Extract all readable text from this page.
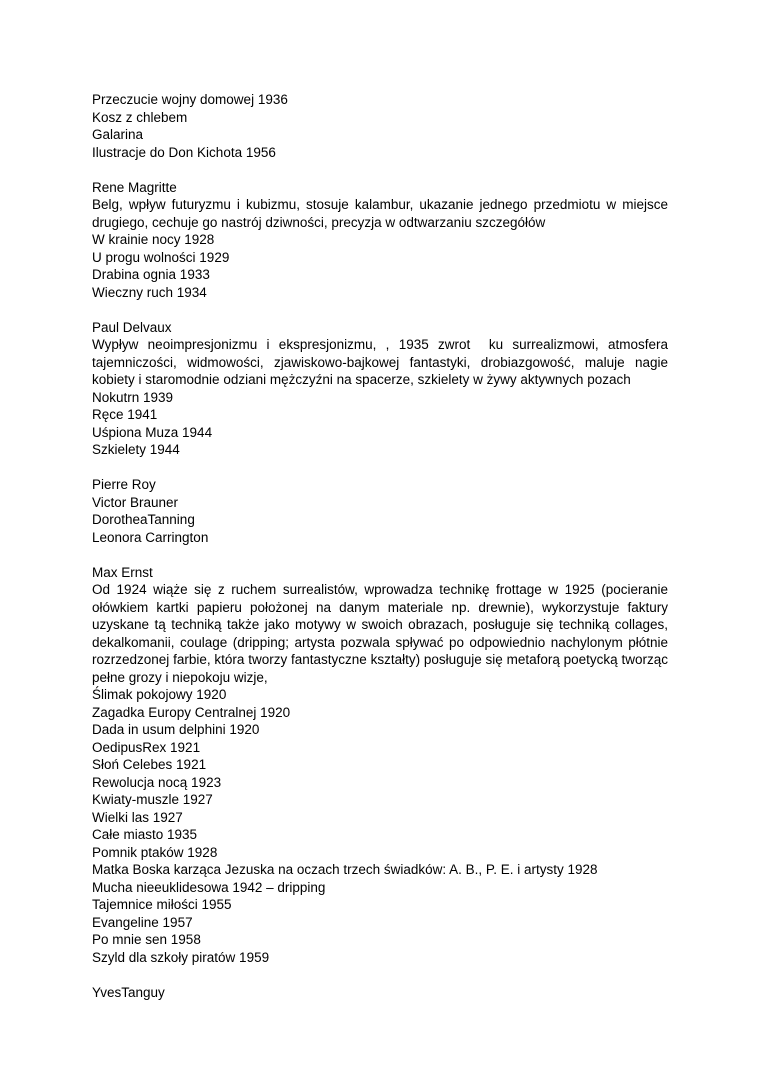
Przeczucie wojny domowej 1936
Kosz z chlebem
Galarina
Ilustracje do Don Kichota 1956
Rene Magritte

Belg, wpływ futuryzmu i kubizmu, stosuje kalambur, ukazanie jednego przedmiotu w miejsce drugiego, cechuje go nastrój dziwności, precyzja w odtwarzaniu szczegółów

W krainie nocy 1928
U progu wolności 1929
Drabina ognia 1933
Wieczny ruch 1934
Paul Delvaux

Wypływ neoimpresjonizmu i ekspresjonizmu, , 1935 zwrot  ku surrealizmowi, atmosfera tajemniczości, widmowości, zjawiskowo-bajkowej fantastyki, drobiazgowość, maluje nagie kobiety i staromodnie odziani mężczyźni na spacerze, szkielety w żywy aktywnych pozach

Nokutrn 1939
Ręce 1941
Uśpiona Muza 1944
Szkielety 1944
Pierre Roy
Victor Brauner
DorotheaTanning
Leonora Carrington
Max Ernst

Od 1924 wiąże się z ruchem surrealistów, wprowadza technikę frottage w 1925 (pocieranie ołówkiem kartki papieru położonej na danym materiale np. drewnie), wykorzystuje faktury uzyskane tą techniką także jako motywy w swoich obrazach, posługuje się techniką collages, dekalkomanii, coulage (dripping; artysta pozwala spływać po odpowiednio nachylonym płótnie rozrzedzonej farbie, która tworzy fantastyczne kształty) posługuje się metaforą poetycką tworząc pełne grozy i niepokoju wizje,

Ślimak pokojowy 1920
Zagadka Europy Centralnej 1920
Dada in usum delphini 1920
OedipusRex 1921
Słoń Celebes 1921
Rewolucja nocą 1923
Kwiaty-muszle 1927
Wielki las 1927
Całe miasto 1935
Pomnik ptaków 1928
Matka Boska karząca Jezuska na oczach trzech świadków: A. B., P. E. i artysty 1928
Mucha nieeuklidesowa 1942 – dripping
Tajemnice miłości 1955
Evangeline 1957
Po mnie sen 1958
Szyld dla szkoły piratów 1959
YvesTanguy
